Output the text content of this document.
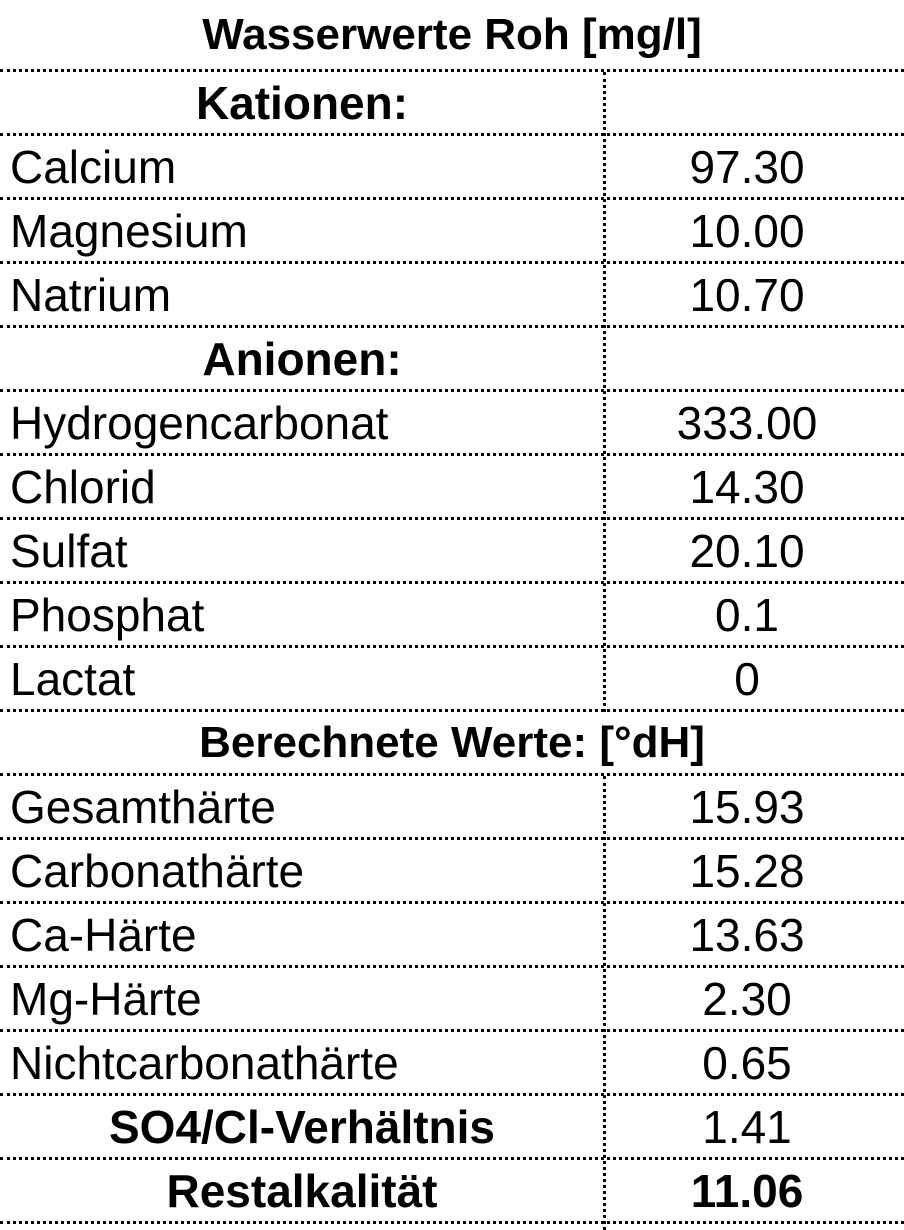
Wasserwerte Roh [mg/l]
Kationen:
Calcium	97.30
Magnesium	10.00
Natrium	10.70
Anionen:
Hydrogencarbonat	333.00
Chlorid	14.30
Sulfat	20.10
Phosphat	0.1
Lactat	0
Berechnete Werte: [°dH]
Gesamthärte	15.93
Carbonathärte	15.28
Ca-Härte	13.63
Mg-Härte	2.30
Nichtcarbonathärte	0.65
SO4/Cl-Verhältnis	1.41
Restalkalität	11.06
